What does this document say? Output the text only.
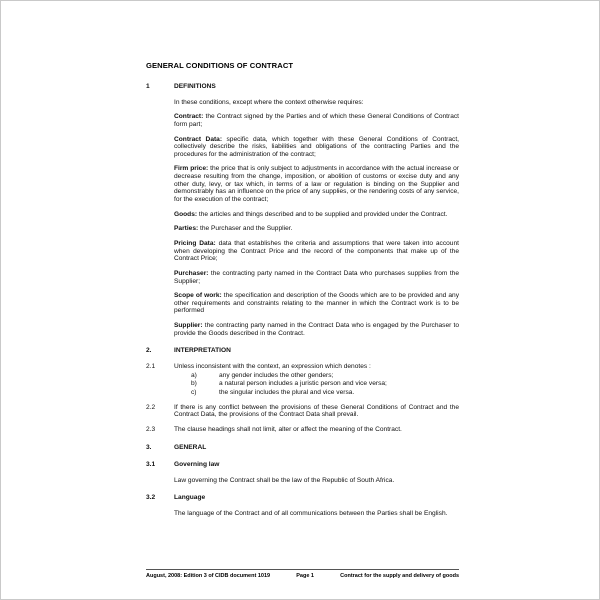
GENERAL CONDITIONS OF CONTRACT
1	DEFINITIONS
In these conditions, except where the context otherwise requires:
Contract: the Contract signed by the Parties and of which these General Conditions of Contract form part;
Contract Data: specific data, which together with these General Conditions of Contract, collectively describe the risks, liabilities and obligations of the contracting Parties and the procedures for the administration of the contract;
Firm price: the price that is only subject to adjustments in accordance with the actual increase or decrease resulting from the change, imposition, or abolition of customs or excise duty and any other duty, levy, or tax which, in terms of a law or regulation is binding on the Supplier and demonstrably has an influence on the price of any supplies, or the rendering costs of any service, for the execution of the contract;
Goods: the articles and things described and to be supplied and provided under the Contract.
Parties: the Purchaser and the Supplier.
Pricing Data: data that establishes the criteria and assumptions that were taken into account when developing the Contract Price and the record of the components that make up of the Contract Price;
Purchaser: the contracting party named in the Contract Data who purchases supplies from the Supplier;
Scope of work: the specification and description of the Goods which are to be provided and any other requirements and constraints relating to the manner in which the Contract work is to be performed
Supplier: the contracting party named in the Contract Data who is engaged by the Purchaser to provide the Goods described in the Contract.
2.	INTERPRETATION
2.1	Unless inconsistent with the context, an expression which denotes :
a)	any gender includes the other genders;
b)	a natural person includes a juristic person and vice versa;
c)	the singular includes the plural and vice versa.
2.2	If there is any conflict between the provisions of these General Conditions of Contract and the Contract Data, the provisions of the Contract Data shall prevail.
2.3	The clause headings shall not limit, alter or affect the meaning of the Contract.
3.	GENERAL
3.1	Governing law
Law governing the Contract shall be the law of the Republic of South Africa.
3.2	Language
The language of the Contract and of all communications between the Parties shall be English.
August, 2008: Edition 3 of CIDB document 1019	Page 1	Contract for the supply and delivery of goods
